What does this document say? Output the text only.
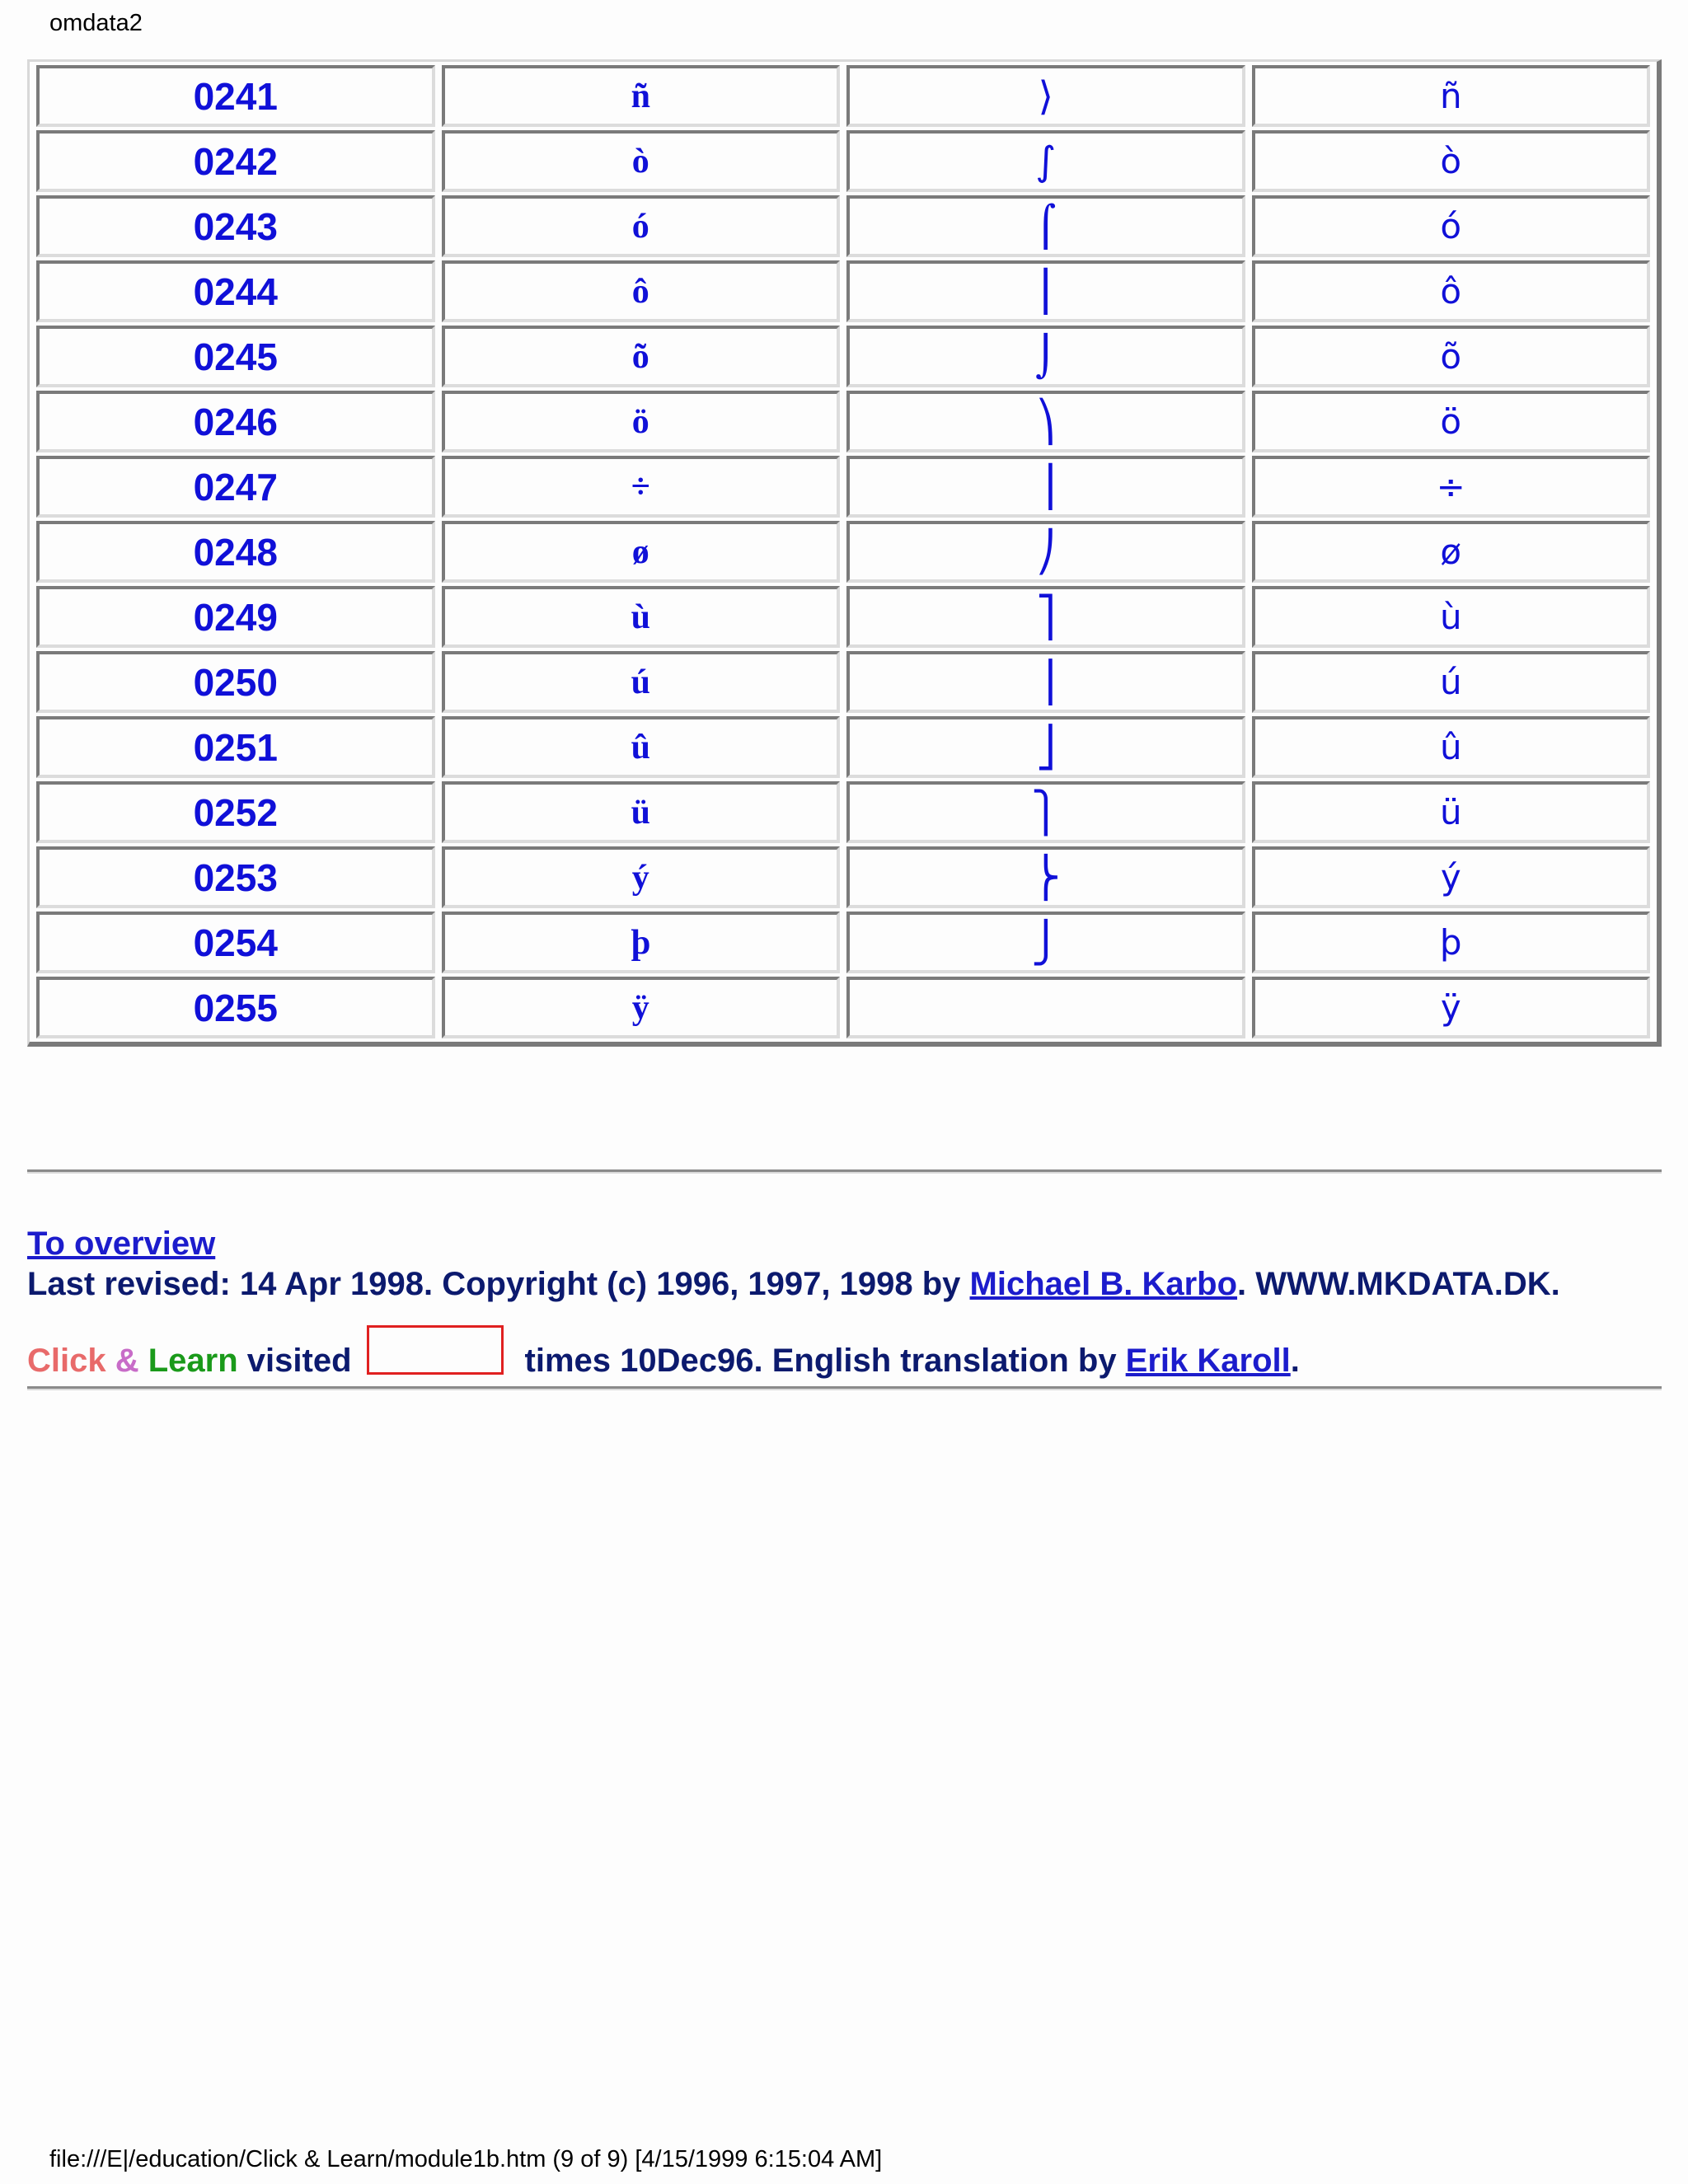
omdata2
0241	ñ	⟩	ñ
0242	ò	∫	ò
0243	ó	⌠	ó
0244	ô	⎮	ô
0245	õ	⌡	õ
0246	ö	⎞	ö
0247	÷	⎟	÷
0248	ø	⎠	ø
0249	ù	⎤	ù
0250	ú	⎥	ú
0251	û	⎦	û
0252	ü	⎫	ü
0253	ý	⎬	ý
0254	þ	⎭	þ
0255	ÿ		ÿ
To overview
Last revised: 14 Apr 1998. Copyright (c) 1996, 1997, 1998 by Michael B. Karbo. WWW.MKDATA.DK.
Click & Learn visited	times 10Dec96. English translation by Erik Karoll.
file:///E|/education/Click & Learn/module1b.htm (9 of 9) [4/15/1999 6:15:04 AM]
